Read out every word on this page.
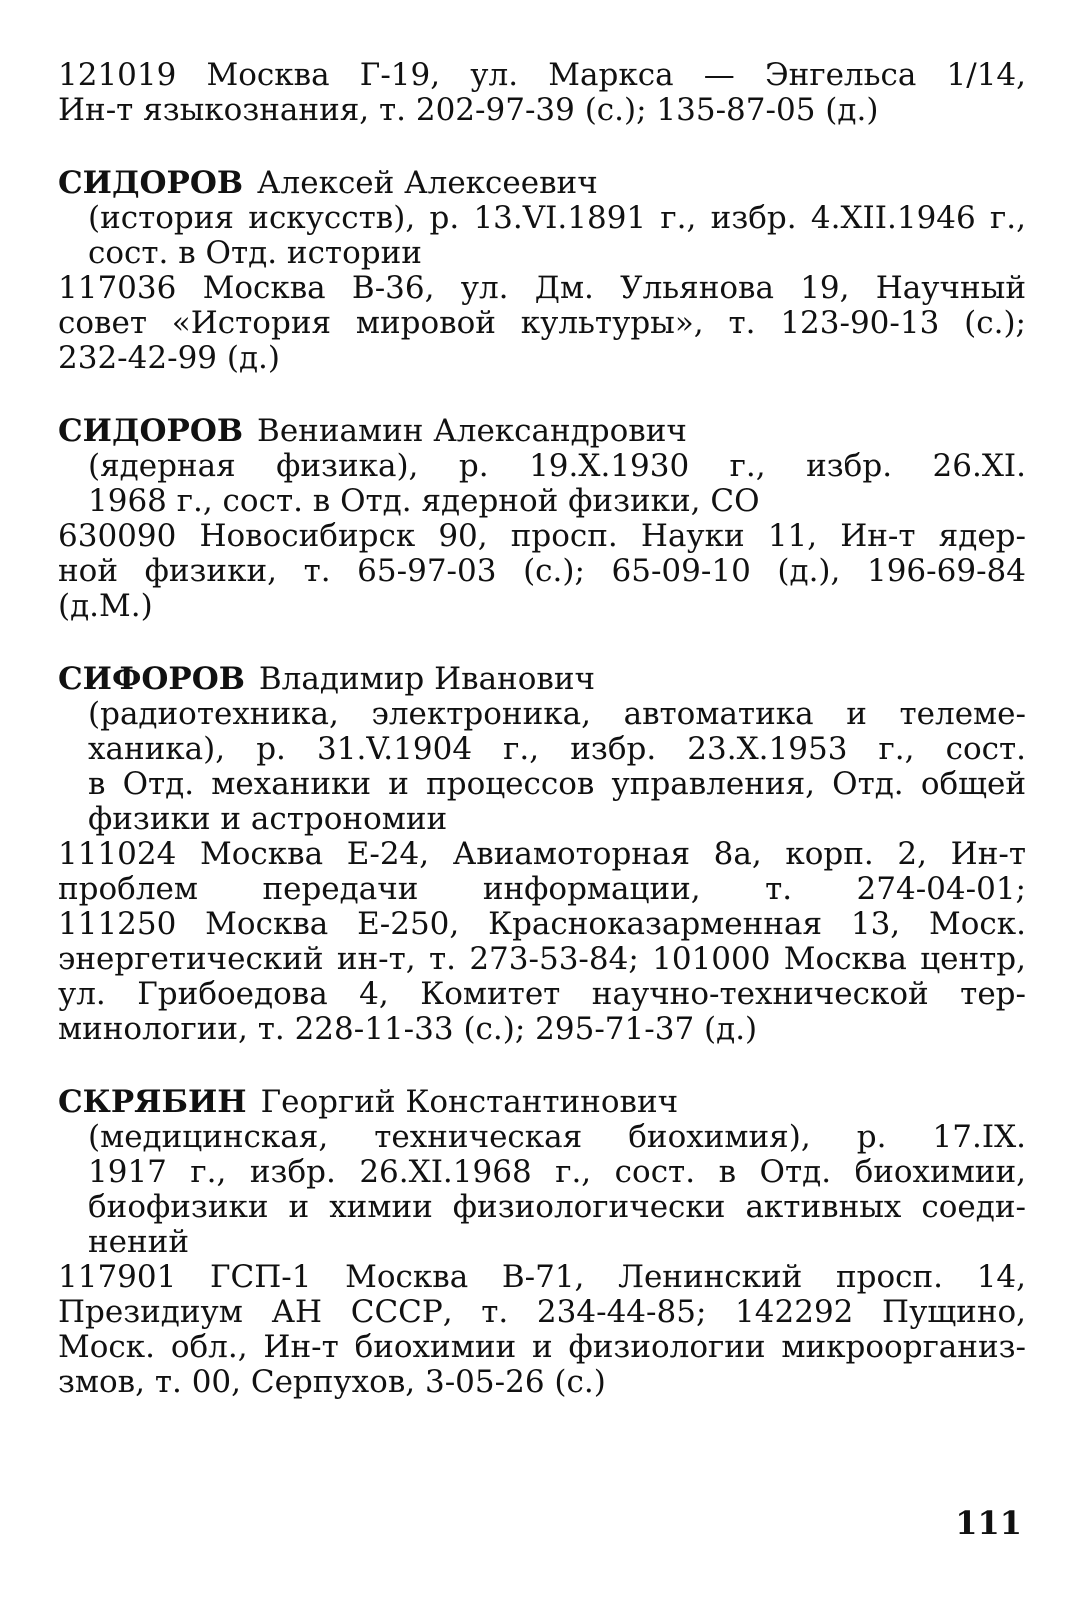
121019 Москва Г-19, ул. Маркса — Энгельса 1/14,
Ин-т языкознания, т. 202-97-39 (с.); 135-87-05 (д.)
СИДОРОВ Алексей Алексеевич
(история искусств), р. 13.VI.1891 г., избр. 4.XII.1946 г.,
сост. в Отд. истории
117036 Москва В-36, ул. Дм. Ульянова 19, Научный
совет «История мировой культуры», т. 123-90-13 (с.);
232-42-99 (д.)
СИДОРОВ Вениамин Александрович
(ядерная физика), р. 19.X.1930 г., избр. 26.XI.
1968 г., сост. в Отд. ядерной физики, СО
630090 Новосибирск 90, просп. Науки 11, Ин-т ядер-
ной физики, т. 65-97-03 (с.); 65-09-10 (д.), 196-69-84
(д.М.)
СИФОРОВ Владимир Иванович
(радиотехника, электроника, автоматика и телеме-
ханика), р. 31.V.1904 г., избр. 23.X.1953 г., сост.
в Отд. механики и процессов управления, Отд. общей
физики и астрономии
111024 Москва Е-24, Авиамоторная 8а, корп. 2, Ин-т
проблем передачи информации, т. 274-04-01;
111250 Москва Е-250, Красноказарменная 13, Моск.
энергетический ин-т, т. 273-53-84; 101000 Москва центр,
ул. Грибоедова 4, Комитет научно-технической тер-
минологии, т. 228-11-33 (с.); 295-71-37 (д.)
СКРЯБИН Георгий Константинович
(медицинская, техническая биохимия), р. 17.IX.
1917 г., избр. 26.XI.1968 г., сост. в Отд. биохимии,
биофизики и химии физиологически активных соеди-
нений
117901 ГСП-1 Москва В-71, Ленинский просп. 14,
Президиум АН СССР, т. 234-44-85; 142292 Пущино,
Моск. обл., Ин-т биохимии и физиологии микроорганиз-
змов, т. 00, Серпухов, 3-05-26 (с.)
111
